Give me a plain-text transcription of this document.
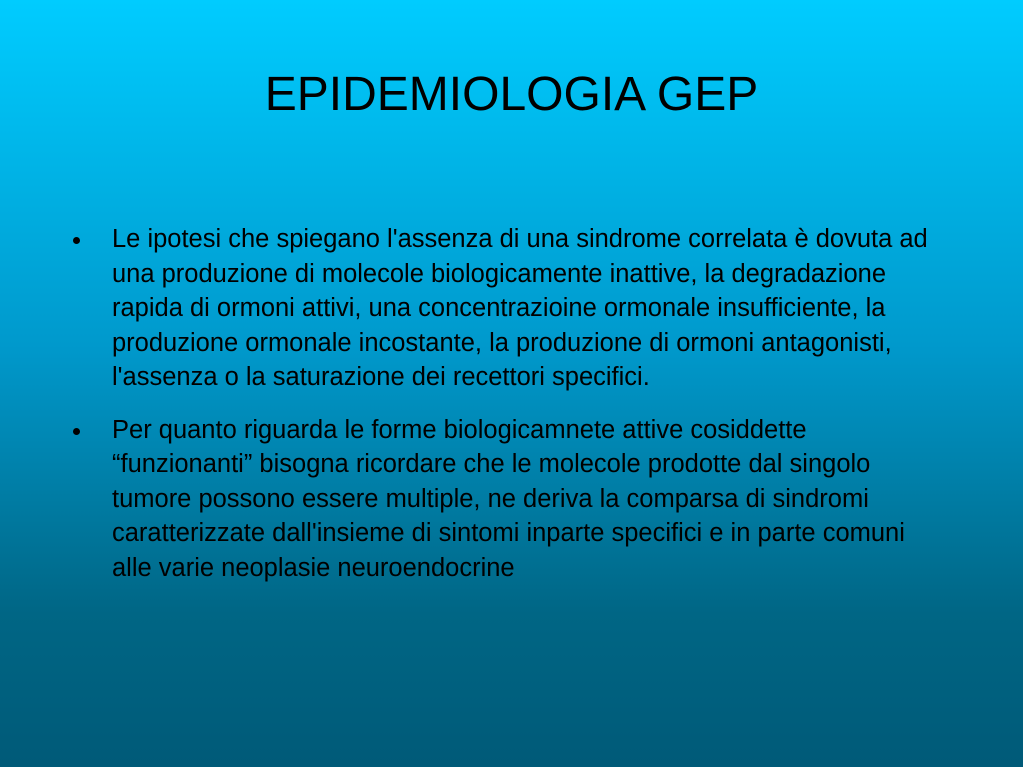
EPIDEMIOLOGIA GEP
Le ipotesi che spiegano l'assenza di una sindrome correlata è dovuta ad una produzione di molecole biologicamente inattive, la degradazione rapida di ormoni attivi, una concentrazioine ormonale insufficiente, la produzione ormonale incostante, la produzione di ormoni antagonisti, l'assenza o la saturazione dei recettori specifici.
Per quanto riguarda le forme biologicamnete attive cosiddette “funzionanti” bisogna ricordare che le molecole prodotte dal singolo tumore possono essere multiple, ne deriva la comparsa di sindromi caratterizzate dall'insieme di sintomi inparte specifici e in parte comuni alle varie neoplasie neuroendocrine
